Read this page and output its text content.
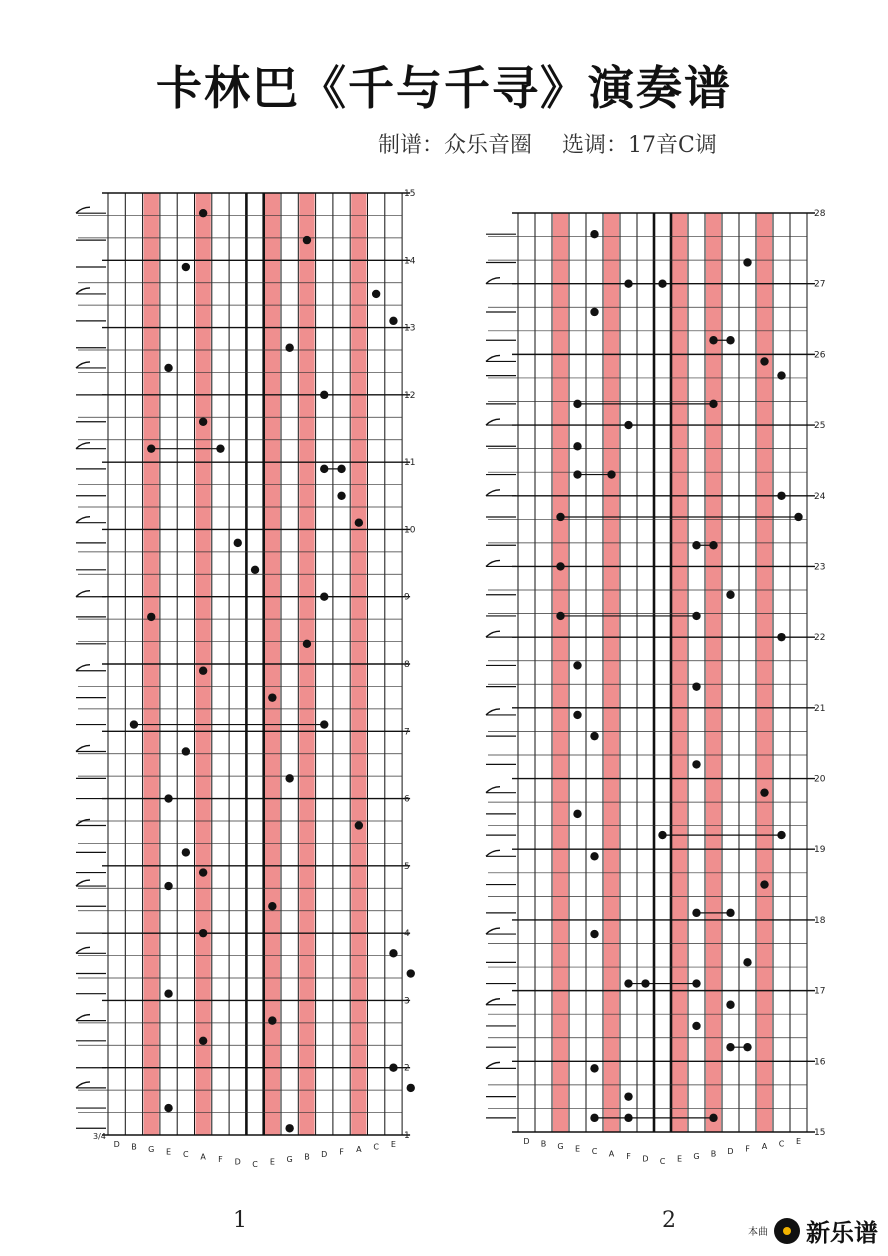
卡林巴《千与千寻》演奏谱
制谱：众乐音圈 选调：17音C调
1
2
3
4
5
6
7
8
9
10
11
12
13
14
15
D B G E C A F D C E G B D F A C E
3/4	15
16
17
18
19
20
21
22
23
24
25
26
27
28
D B G E C A F D C E G B D F A C E
1	2	本曲 新乐谱
